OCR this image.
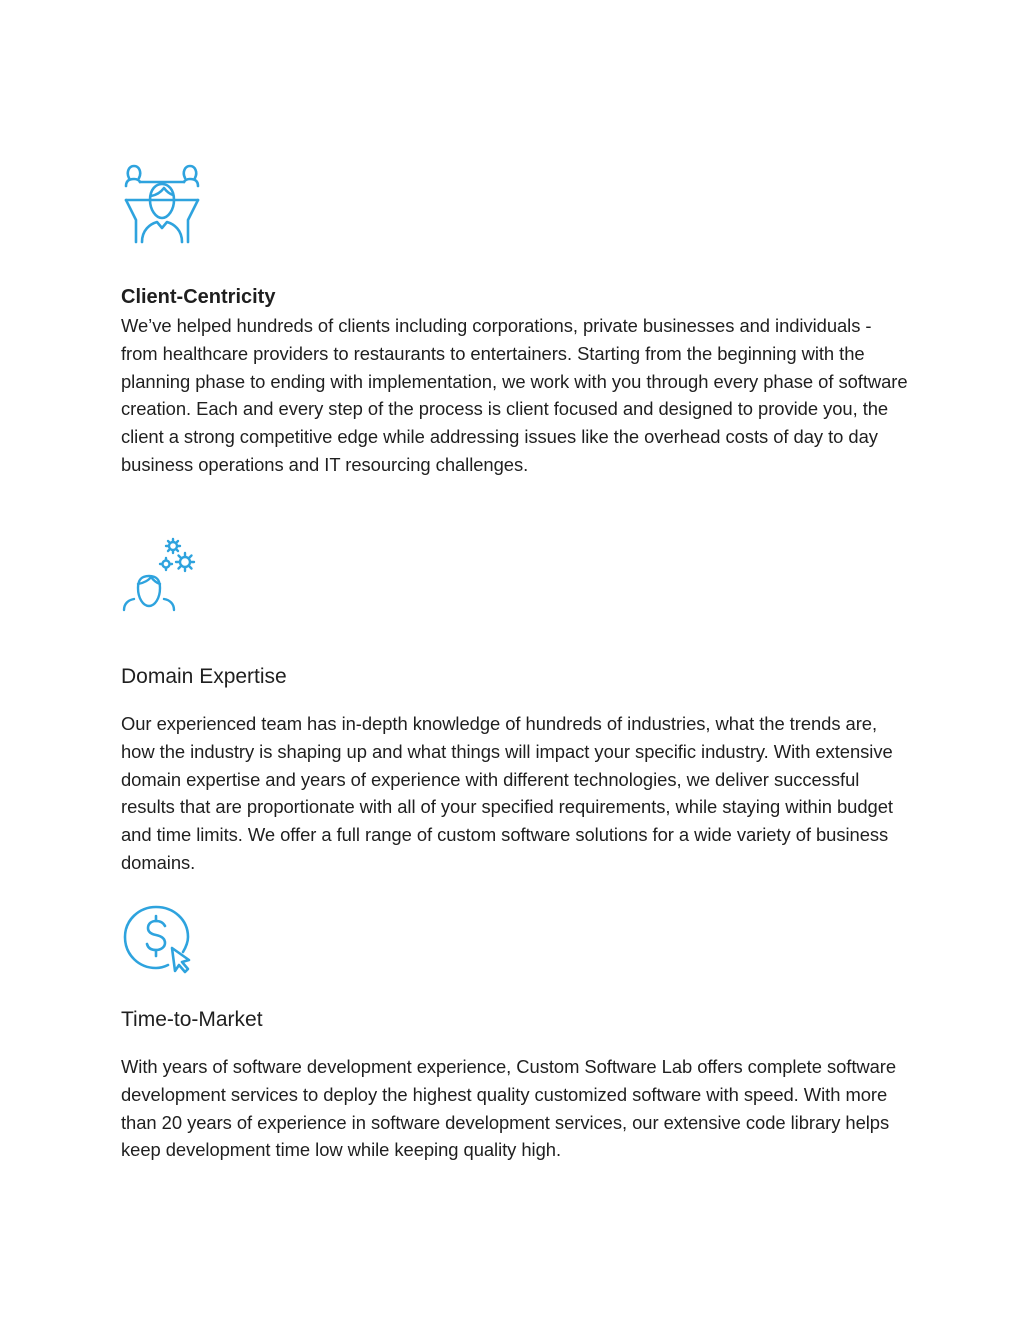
Client-Centricity

We’ve helped hundreds of clients including corporations, private businesses and individuals - from healthcare providers to restaurants to entertainers. Starting from the beginning with the planning phase to ending with implementation, we work with you through every phase of software creation. Each and every step of the process is client focused and designed to provide you, the client a strong competitive edge while addressing issues like the overhead costs of day to day business operations and IT resourcing challenges.

Domain Expertise

Our experienced team has in-depth knowledge of hundreds of industries, what the trends are, how the industry is shaping up and what things will impact your specific industry. With extensive domain expertise and years of experience with different technologies, we deliver successful results that are proportionate with all of your specified requirements, while staying within budget and time limits. We offer a full range of custom software solutions for a wide variety of business domains.

Time-to-Market

With years of software development experience, Custom Software Lab offers complete software development services to deploy the highest quality customized software with speed. With more than 20 years of experience in software development services, our extensive code library helps keep development time low while keeping quality high.
